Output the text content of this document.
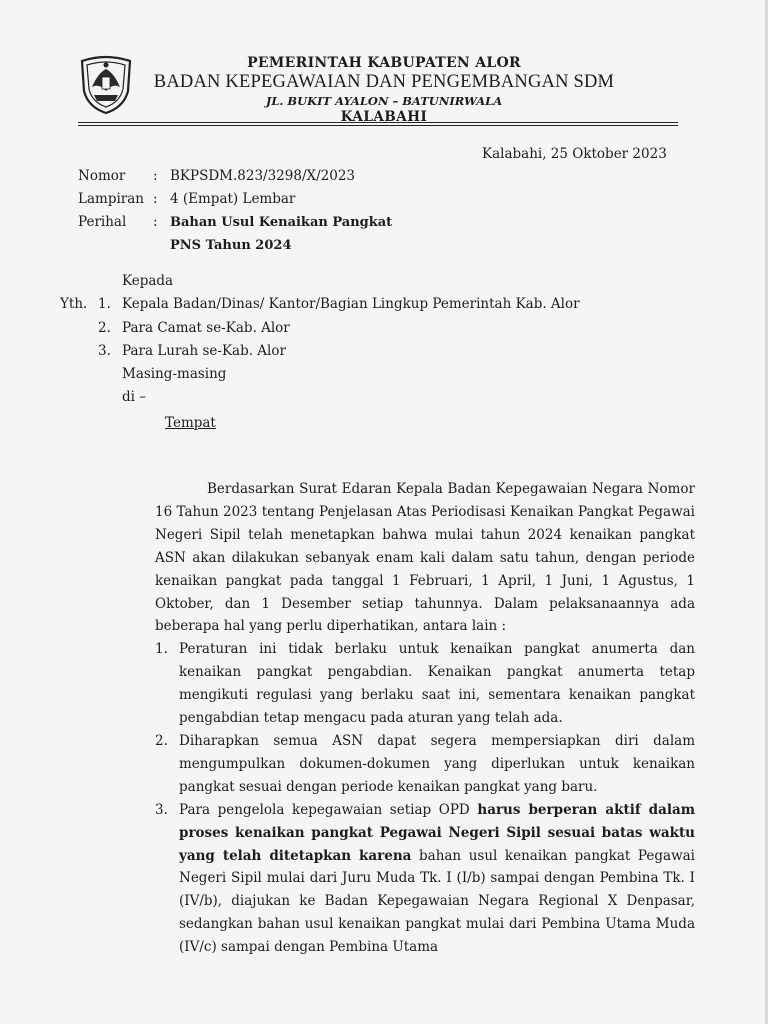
PEMERINTAH KABUPATEN ALOR
BADAN KEPEGAWAIAN DAN PENGEMBANGAN SDM
JL. BUKIT AYALON – BATUNIRWALA
KALABAHI
Kalabahi, 25 Oktober 2023
Nomor : BKPSDM.823/3298/X/2023
Lampiran : 4 (Empat) Lembar
Perihal : Bahan Usul Kenaikan Pangkat
PNS Tahun 2024
Kepada
Yth. 1. Kepala Badan/Dinas/ Kantor/Bagian Lingkup Pemerintah Kab. Alor
2. Para Camat se-Kab. Alor
3. Para Lurah se-Kab. Alor
Masing-masing
di –
Tempat
Berdasarkan Surat Edaran Kepala Badan Kepegawaian Negara Nomor 16 Tahun 2023 tentang Penjelasan Atas Periodisasi Kenaikan Pangkat Pegawai Negeri Sipil telah menetapkan bahwa mulai tahun 2024 kenaikan pangkat ASN akan dilakukan sebanyak enam kali dalam satu tahun, dengan periode kenaikan pangkat pada tanggal 1 Februari, 1 April, 1 Juni, 1 Agustus, 1 Oktober, dan 1 Desember setiap tahunnya. Dalam pelaksanaannya ada beberapa hal yang perlu diperhatikan, antara lain :
1. Peraturan ini tidak berlaku untuk kenaikan pangkat anumerta dan kenaikan pangkat pengabdian. Kenaikan pangkat anumerta tetap mengikuti regulasi yang berlaku saat ini, sementara kenaikan pangkat pengabdian tetap mengacu pada aturan yang telah ada.
2. Diharapkan semua ASN dapat segera mempersiapkan diri dalam mengumpulkan dokumen-dokumen yang diperlukan untuk kenaikan pangkat sesuai dengan periode kenaikan pangkat yang baru.
3. Para pengelola kepegawaian setiap OPD harus berperan aktif dalam proses kenaikan pangkat Pegawai Negeri Sipil sesuai batas waktu yang telah ditetapkan karena bahan usul kenaikan pangkat Pegawai Negeri Sipil mulai dari Juru Muda Tk. I (I/b) sampai dengan Pembina Tk. I (IV/b), diajukan ke Badan Kepegawaian Negara Regional X Denpasar, sedangkan bahan usul kenaikan pangkat mulai dari Pembina Utama Muda (IV/c) sampai dengan Pembina Utama
